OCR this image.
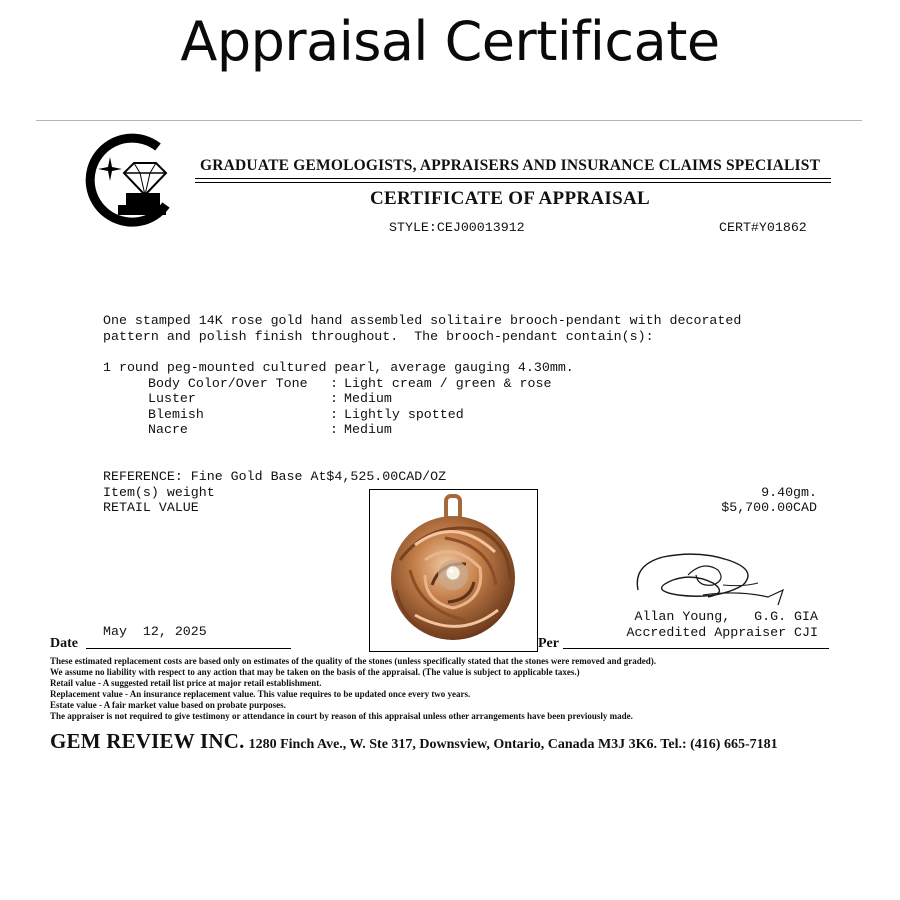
Appraisal Certificate
GRADUATE GEMOLOGISTS, APPRAISERS AND INSURANCE CLAIMS SPECIALIST
CERTIFICATE OF APPRAISAL
STYLE:CEJ00013912	CERT#Y01862
One stamped 14K rose gold hand assembled solitaire brooch-pendant with decorated
pattern and polish finish throughout.  The brooch-pendant contain(s):
1 round peg-mounted cultured pearl, average gauging 4.30mm.
Body Color/Over Tone : Light cream / green & rose
Luster	: Medium
Blemish	: Lightly spotted
Nacre	: Medium
REFERENCE: Fine Gold Base At$4,525.00CAD/OZ
Item(s) weight	9.40gm.
RETAIL VALUE	$5,700.00CAD
Allan Young,   G.G. GIA
Accredited Appraiser CJI
Date
May  12, 2025
Per
These estimated replacement costs are based only on estimates of the quality of the stones (unless specifically stated that the stones were removed and graded).
We assume no liability with respect to any action that may be taken on the basis of the appraisal. (The value is subject to applicable taxes.)
Retail value - A suggested retail list price at major retail establishment.
Replacement value - An insurance replacement value. This value requires to be updated once every two years.
Estate value - A fair market value based on probate purposes.
The appraiser is not required to give testimony or attendance in court by reason of this appraisal unless other arrangements have been previously made.
GEM REVIEW INC. 1280 Finch Ave., W. Ste 317, Downsview, Ontario, Canada M3J 3K6. Tel.: (416) 665-7181
